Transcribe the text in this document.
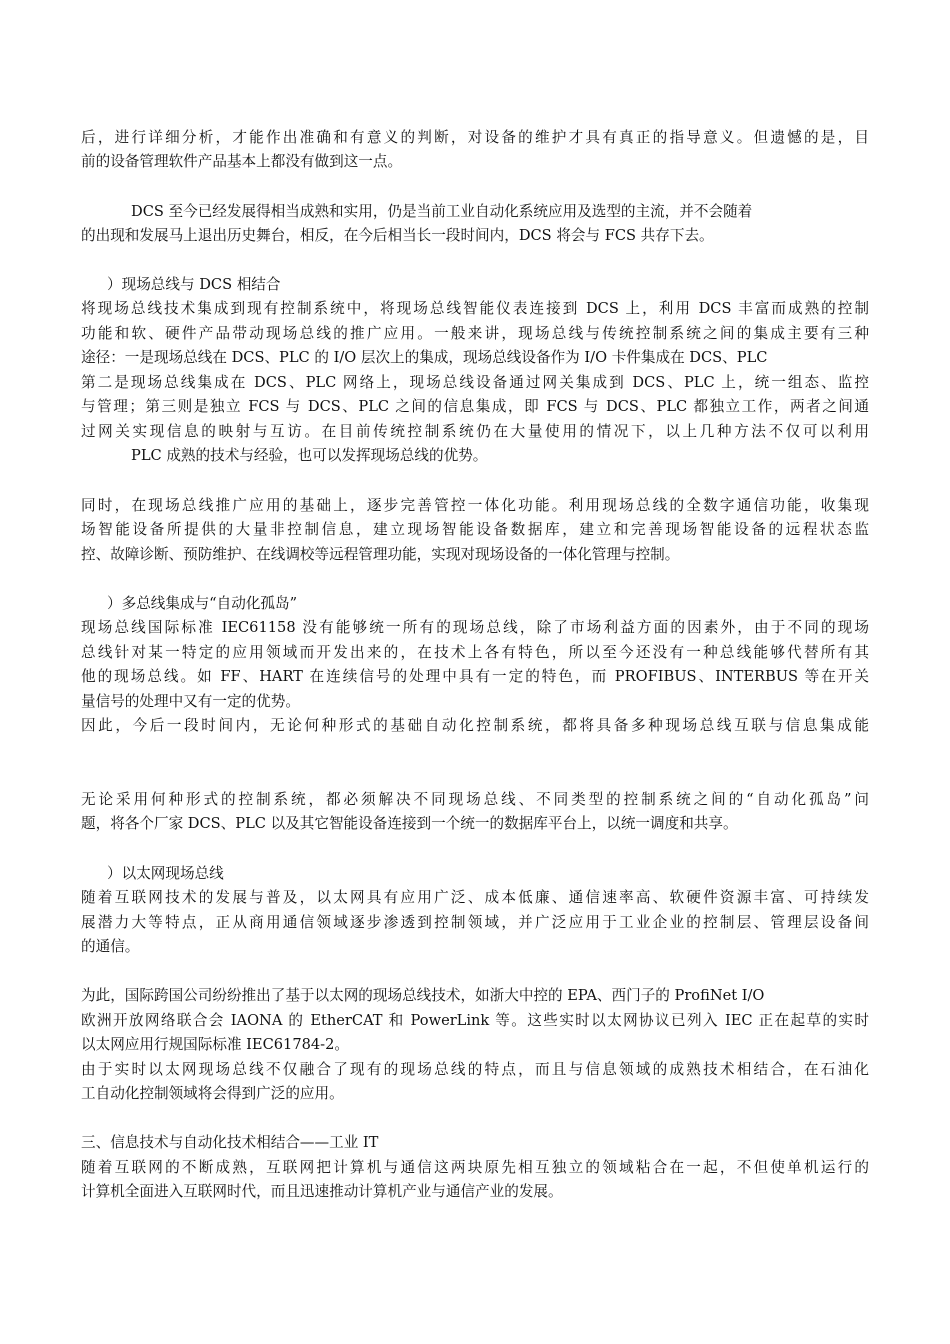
后，进行详细分析，才能作出准确和有意义的判断，对设备的维护才具有真正的指导意义。但遗憾的是，目
前的设备管理软件产品基本上都没有做到这一点。
DCS 至今已经发展得相当成熟和实用，仍是当前工业自动化系统应用及选型的主流，并不会随着
的出现和发展马上退出历史舞台，相反，在今后相当长一段时间内，DCS 将会与 FCS 共存下去。
）现场总线与 DCS 相结合
将现场总线技术集成到现有控制系统中，将现场总线智能仪表连接到 DCS 上，利用 DCS 丰富而成熟的控制
功能和软、硬件产品带动现场总线的推广应用。一般来讲，现场总线与传统控制系统之间的集成主要有三种
途径：一是现场总线在 DCS、PLC 的 I/O 层次上的集成，现场总线设备作为 I/O 卡件集成在 DCS、PLC
第二是现场总线集成在 DCS、PLC 网络上，现场总线设备通过网关集成到 DCS、PLC 上，统一组态、监控
与管理；第三则是独立 FCS 与 DCS、PLC 之间的信息集成，即 FCS 与 DCS、PLC 都独立工作，两者之间通
过网关实现信息的映射与互访。在目前传统控制系统仍在大量使用的情况下，以上几种方法不仅可以利用
PLC 成熟的技术与经验，也可以发挥现场总线的优势。
同时，在现场总线推广应用的基础上，逐步完善管控一体化功能。利用现场总线的全数字通信功能，收集现
场智能设备所提供的大量非控制信息，建立现场智能设备数据库，建立和完善现场智能设备的远程状态监
控、故障诊断、预防维护、在线调校等远程管理功能，实现对现场设备的一体化管理与控制。
）多总线集成与“自动化孤岛”
现场总线国际标准 IEC61158 没有能够统一所有的现场总线，除了市场利益方面的因素外，由于不同的现场
总线针对某一特定的应用领域而开发出来的，在技术上各有特色，所以至今还没有一种总线能够代替所有其
他的现场总线。如 FF、HART 在连续信号的处理中具有一定的特色，而 PROFIBUS、INTERBUS 等在开关
量信号的处理中又有一定的优势。
因此，今后一段时间内，无论何种形式的基础自动化控制系统，都将具备多种现场总线互联与信息集成能
无论采用何种形式的控制系统，都必须解决不同现场总线、不同类型的控制系统之间的“自动化孤岛”问
题，将各个厂家 DCS、PLC 以及其它智能设备连接到一个统一的数据库平台上，以统一调度和共享。
）以太网现场总线
随着互联网技术的发展与普及，以太网具有应用广泛、成本低廉、通信速率高、软硬件资源丰富、可持续发
展潜力大等特点，正从商用通信领域逐步渗透到控制领域，并广泛应用于工业企业的控制层、管理层设备间
的通信。
为此，国际跨国公司纷纷推出了基于以太网的现场总线技术，如浙大中控的 EPA、西门子的 ProfiNet I/O
欧洲开放网络联合会 IAONA 的 EtherCAT 和 PowerLink 等。这些实时以太网协议已列入 IEC 正在起草的实时
以太网应用行规国际标准 IEC61784-2。
由于实时以太网现场总线不仅融合了现有的现场总线的特点，而且与信息领域的成熟技术相结合，在石油化
工自动化控制领域将会得到广泛的应用。
三、信息技术与自动化技术相结合——工业 IT
随着互联网的不断成熟，互联网把计算机与通信这两块原先相互独立的领域粘合在一起，不但使单机运行的
计算机全面进入互联网时代，而且迅速推动计算机产业与通信产业的发展。
